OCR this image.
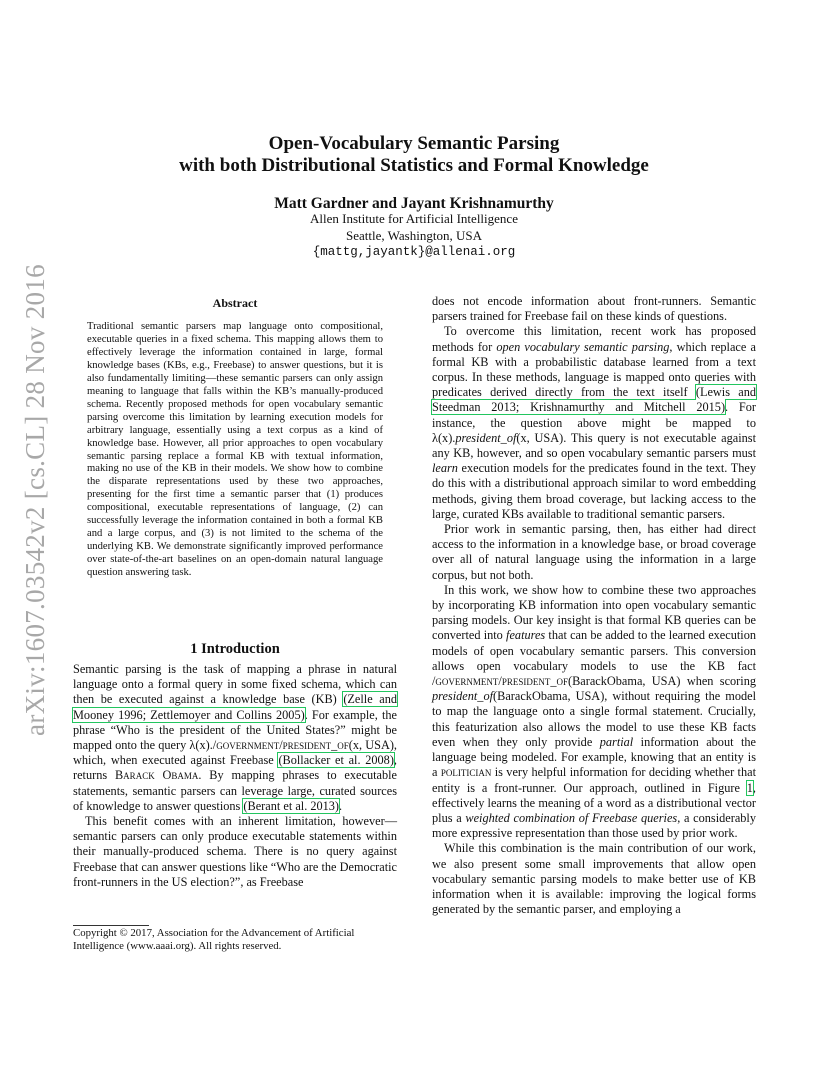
arXiv:1607.03542v2 [cs.CL] 28 Nov 2016
Open-Vocabulary Semantic Parsing
with both Distributional Statistics and Formal Knowledge
Matt Gardner and Jayant Krishnamurthy
Allen Institute for Artificial Intelligence
Seattle, Washington, USA
{mattg,jayantk}@allenai.org
Abstract
Traditional semantic parsers map language onto compositional, executable queries in a fixed schema. This mapping allows them to effectively leverage the information contained in large, formal knowledge bases (KBs, e.g., Freebase) to answer questions, but it is also fundamentally limiting—these semantic parsers can only assign meaning to language that falls within the KB’s manually-produced schema. Recently proposed methods for open vocabulary semantic parsing overcome this limitation by learning execution models for arbitrary language, essentially using a text corpus as a kind of knowledge base. However, all prior approaches to open vocabulary semantic parsing replace a formal KB with textual information, making no use of the KB in their models. We show how to combine the disparate representations used by these two approaches, presenting for the first time a semantic parser that (1) produces compositional, executable representations of language, (2) can successfully leverage the information contained in both a formal KB and a large corpus, and (3) is not limited to the schema of the underlying KB. We demonstrate significantly improved performance over state-of-the-art baselines on an open-domain natural language question answering task.
1 Introduction

Semantic parsing is the task of mapping a phrase in natural language onto a formal query in some fixed schema, which can then be executed against a knowledge base (KB) (Zelle and Mooney 1996; Zettlemoyer and Collins 2005). For example, the phrase “Who is the president of the United States?” might be mapped onto the query λ(x)./government/president_of(x, USA), which, when executed against Freebase (Bollacker et al. 2008), returns Barack Obama. By mapping phrases to executable statements, semantic parsers can leverage large, curated sources of knowledge to answer questions (Berant et al. 2013).

This benefit comes with an inherent limitation, however—semantic parsers can only produce executable statements within their manually-produced schema. There is no query against Freebase that can answer questions like “Who are the Democratic front-runners in the US election?”, as Freebase

does not encode information about front-runners. Semantic parsers trained for Freebase fail on these kinds of questions.

To overcome this limitation, recent work has proposed methods for open vocabulary semantic parsing, which replace a formal KB with a probabilistic database learned from a text corpus. In these methods, language is mapped onto queries with predicates derived directly from the text itself (Lewis and Steedman 2013; Krishnamurthy and Mitchell 2015). For instance, the question above might be mapped to λ(x).president_of(x, USA). This query is not executable against any KB, however, and so open vocabulary semantic parsers must learn execution models for the predicates found in the text. They do this with a distributional approach similar to word embedding methods, giving them broad coverage, but lacking access to the large, curated KBs available to traditional semantic parsers.

Prior work in semantic parsing, then, has either had direct access to the information in a knowledge base, or broad coverage over all of natural language using the information in a large corpus, but not both.

In this work, we show how to combine these two approaches by incorporating KB information into open vocabulary semantic parsing models. Our key insight is that formal KB queries can be converted into features that can be added to the learned execution models of open vocabulary semantic parsers. This conversion allows open vocabulary models to use the KB fact /government/president_of(BarackObama, USA) when scoring president_of(BarackObama, USA), without requiring the model to map the language onto a single formal statement. Crucially, this featurization also allows the model to use these KB facts even when they only provide partial information about the language being modeled. For example, knowing that an entity is a politician is very helpful information for deciding whether that entity is a front-runner. Our approach, outlined in Figure 1, effectively learns the meaning of a word as a distributional vector plus a weighted combination of Freebase queries, a considerably more expressive representation than those used by prior work.

While this combination is the main contribution of our work, we also present some small improvements that allow open vocabulary semantic parsing models to make better use of KB information when it is available: improving the logical forms generated by the semantic parser, and employing a

Copyright © 2017, Association for the Advancement of Artificial Intelligence (www.aaai.org). All rights reserved.
